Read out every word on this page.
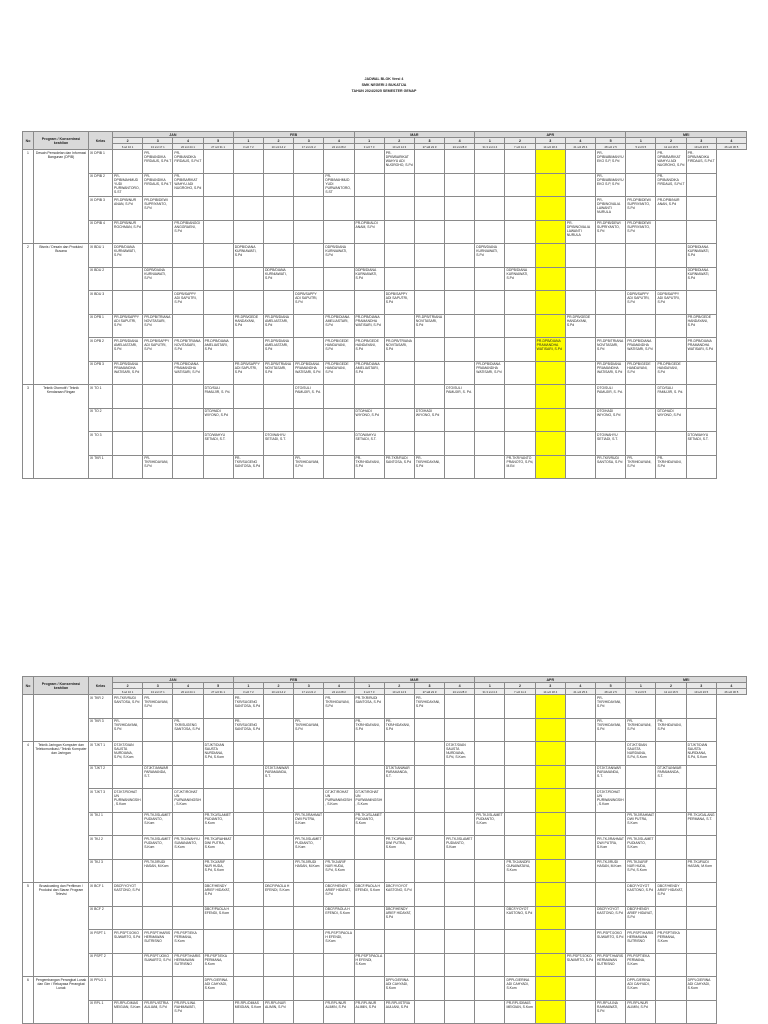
JADWAL BLOK Versi 4
SMK NEGERI 2 BUKATIJA
TAHUN 2024/2025 SEMESTER GENAP
No	Program / Konsentrasi keahlian	Kelas	JAN				FEB				MAR				APR					MEI			
			2	3	4	5	1	2	3	4	1	2	3	4	1	2	3	4	5	1	2	3	4
			6 sd 10 1	13 s/d 17 1	20 s/d 24 1	27 s/d 31 1	3 s/d 7 2	10 s/d 14 2	17 s/d 21 2	24 s/d 28 2	3 s/d 7 3	10 s/d 14 3	17 s/d 21 3	24 s/d 28 3	31 3 s/d 4 4	7 s/d 11 4	14 s/d 18 4	21 s/d 25 4	28 s/d 2 5	5 s/d 9 5	12 s/d 16 5	19 s/d 23 5	26 s/d 30 5
1	Desain Pemodelan dan Informasi Bangunan (DPIB)	XI DPIB 1		PR-DPIB/ANDIKA FIRDAUS, S.Pd.T	PR-DPIB/ANDIKA FIRDAUS, S.Pd.T							PR-DPIB/BARIKAT WAHYU ADI NUGROHO, S.Pd							PR-DPIB/ABIMANYU EKO S.P, S.Pd		PR-DPIB/BARIKAT WAHYU ADI NUGROHO, S.Pd	PR-DPIB/ANDIKA FIRDAUS, S.Pd.T	
		XI DPIB 2	PR-DPIB/MAHMUD YUDI PURWANTORO, S.ST	PR-DPIB/ANDIKA FIRDAUS, S.Pd.T	PR-DPIB/BARIKAT WAHYU ADI NUGROHO, S.Pd					PR-DPIB/MAHMUD YUDI PURWANTORO, S.ST									PR-DPIB/ABIMANYU EKO S.P, S.Pd		PR-DPIB/ANDIKA FIRDAUS, S.Pd.T		
		XI DPIB 3	PR-DPIB/NUR ANAN, S.Pd	PR-DPIB/DEWI SUPRIYANTO, S.Pd															PR-DPIB/NOVALIA LAWANTI NURULA	PR-DPIB/DEWI SUPRIYANTO, S.Pd	PR-DPIB/NUR ANAN, S.Pd		
		XI DPIB 4	PR-DPIB/NUR ROCHMAN, S.Pd		PR-DPIB/ANGGI ANGGRAENI, S.Pd						PR-DPIB/ALDI ANAM, S.Pd							PR-DPIB/NOVALIA LAWANTI NURULA	PR-DPIB/DEWI SUPRIYANTO, S.Pd	PR-DPIB/DEWI SUPRIYANTO, S.Pd			
2	Bisnis / Desain dan Produksi Busana	XI BDU 1	DDPB/DIANA KURNIAWATI, S.Pd				DDPB/DIANA KURNIAWATI, S.Pd			DDPB/DIANA KURNIAWATI, S.Pd					DDPB/DIANA KURNIAWATI, S.Pd							DDPB/DIANA KURNIAWATI, S.Pd	
		XI BDU 2		DDPB/DIANA KURNIAWATI, S.Pd				DDPB/DIANA KURNIAWATI, S.Pd			DDPB/DIANA KURNIAWATI, S.Pd					DDPB/DIANA KURNIAWATI, S.Pd						DDPB/DIANA KURNIAWATI, S.Pd	
		XI BDU 3			DDPB/SAPPY ADI SAPUTRI, S.Pd				DDPB/SAPPY ADI SAPUTRI, S.Pd			DDPB/SAPPY ADI SAPUTRI, S.Pd								DDPB/SAPPY ADI SAPUTRI, S.Pd	DDPB/SAPPY ADI SAPUTRI, S.Pd		
		XI DPB 1	PR-DPB/SAPPY ADI SAPUTRI, S.Pd	PR-DPB/TRIANA NOVITASARI, S.Pd			PR-DPB/GEDE HANDAYANI, S.Pd	PR-DPB/DIANA AMELIASTARI, S.Pd		PR-DPB/DIANA AMELIASTARI, S.Pd	PR-DPB/DIANA PRAMANDHA WATISARI, S.Pd		PR-DPB/TRIANA NOVITASARI, S.Pd					PR-DPB/GEDE HANDAYANI, S.Pd				PR-DPB/GEDE HANDAYANI, S.Pd	
		XI DPB 2	PR-DPB/DIANA AMELIASTARI, S.Pd	PR-DPB/SAPPY ADI SAPUTRI, S.Pd	PR-DPB/TRIANA NOVITASARI, S.Pd	PR-DPB/DIANA AMELIASTARI, S.Pd		PR-DPB/DIANA AMELIASTARI, S.Pd		PR-DPB/GEDE HANDAYANI, S.Pd	PR-DPB/GEDE HANDAYANI, S.Pd	PR-DPB/TRIANA NOVITASARI, S.Pd					PR-DPB/DIANA PRAMANDHA WATISARI, S.Pd		PR-DPB/TRIANA NOVITASARI, S.Pd	PR-DPB/DIANA PRAMANDHA WATISARI, S.Pd		PR-DPB/DIANA PRAMANDHA WATISARI, S.Pd	
		XI DPB 3	PR-DPB/DIANA PRAMANDHA WATISARI, S.Pd		PR-DPB/DIANA PRAMANDHA WATISARI, S.Pd		PR-DPB/SAPPY ADI SAPUTRI, S.Pd	PR-DPB/TRIANA NOVITASARI, S.Pd	PR-DPB/DIANA PRAMANDHA WATISARI, S.Pd	PR-DPB/GEDE HANDAYANI, S.Pd	PR-DPB/DIANA AMELIASTARI, S.Pd				PR-DPB/DIANA PRAMANDHA WATISARI, S.Pd				PR-DPB/DIANA PRAMANDHA WATISARI, S.Pd	PR-DPB/GEDE HANDAYANI, S.Pd	PR-DPB/GEDE HANDAYANI, S.Pd		
3	Teknik Otomotif / Teknik Kendaraan Ringan	XI TO 1				DTO/SULI PAMUJIR, S. Pd.			DTO/SULI PAMUJIR, S. Pd.					DTO/SULI PAMUJIR, S. Pd.					DTO/SULI PAMUJIR, S. Pd.		DTO/SULI PAMUJIR, S. Pd.		
		XI TO 2				DTO/HADI WIYONO, S.Pd					DTO/HADI WIYONO, S.Pd		DTO/HADI WIYONO, S.Pd						DTO/HADI WIYONO, S.Pd		DTO/HADI WIYONO, S.Pd		
		XI TO 3				DTO/WAHYU SETIADI, S.T.		DTO/WAHYU SETIADI, S.T.			DTO/WAHYU SETIADI, S.T.								DTO/WAHYU SETIADI, S.T.			DTO/WAHYU SETIADI, S.T.	
		XI TKR 1		PR-TKR/HIDAYANI, S.Pd			PR-TKR/SUGENG SANTOSA, S.Pd		PR-TKR/HIDAYANI, S.Pd		PR-TKR/HIDAYANI, S.Pd	PR-TKR/RUDI SANTOSA, S.Pd	PR-TKR/HIDAYANI, S.Pd			PR-TKR/YANTO PRANOTO, S.Pd, M.Ed			PR-TKR/RUDI SANTOSA, S.Pd	PR-TKR/HIDAYANI, S.Pd	PR-TKR/HIDAYANI, S.Pd		
No	Program / Konsentrasi keahlian	Kelas	JAN				FEB				MAR				APR					MEI			
			2	3	4	5	1	2	3	4	1	2	3	4	1	2	3	4	5	1	2	3	4
			6 sd 10 1	13 s/d 17 1	20 s/d 24 1	27 s/d 31 1	3 s/d 7 2	10 s/d 14 2	17 s/d 21 2	24 s/d 28 2	3 s/d 7 3	10 s/d 14 3	17 s/d 21 3	24 s/d 28 3	31 3 s/d 4 4	7 s/d 11 4	14 s/d 18 4	21 s/d 25 4	28 s/d 2 5	5 s/d 9 5	12 s/d 16 5	19 s/d 23 5	26 s/d 30 5
		XI TKR 2	PR-TKR/RUDI SANTOSA, S.Pd	PR-TKR/HIDAYANI, S.Pd			PR-TKR/SUGENG SANTOSA, S.Pd			PR-TKR/HIDAYANI, S.Pd	PR-TKR/RUDI SANTOSA, S.Pd		PR-TKR/HIDAYANI, S.Pd						PR-TKR/HIDAYANI, S.Pd				
		XI TKR 3	PR-TKR/HIDAYANI, S.Pd		PR-TKR/SUGENG SANTOSA, S.Pd		PR-TKR/SUGENG SANTOSA, S.Pd		PR-TKR/HIDAYANI, S.Pd		PR-TKR/HIDAYANI, S.Pd	PR-TKR/HIDAYANI, S.Pd							PR-TKR/HIDAYANI, S.Pd	PR-TKR/HIDAYANI, S.Pd	PR-TKR/HIDAYANI, S.Pd		
4	Teknik Jaringan Komputer dan Telekomunikasi / Teknik Komputer dan Jaringan	XI TJKT 1	DTJKT/DIAN SAUSTA NURDIANA, S.Pd, S.Kom			DTJKT/DIAN SAUSTA NURDIANA, S.Pd, S.Kom								DTJKT/DIAN SAUSTA NURDIANA, S.Pd, S.Kom						DTJKT/DIAN SAUSTA NURDIANA, S.Pd, S.Kom		DTJKT/DIAN SAUSTA NURDIANA, S.Pd, S.Kom	
		XI TJKT 2		DTJKT/ANWAR PARAMANDA, S.T.				DTJKT/ANWAR PARAMANDA, S.T.				DTJKT/ANWAR PARAMANDA, S.T.							DTJKT/ANWAR PARAMANDA, S.T.		DTJKT/ANWAR PARAMANDA, S.T.		
		XI TJKT 3	DTJKT/ROHAT UN PURWANINGSIH, S.Kom		DTJKT/ROHAT UN PURWANINGSIH, S.Kom					DTJKT/ROHAT UN PURWANINGSIH, S.Kom	DTJKT/ROHAT UN PURWANINGSIH, S.Kom								DTJKT/ROHAT UN PURWANINGSIH, S.Kom				
		XI TKJ 1		PR-TKJ/SLAMET PUDIANTO, S.Kom		PR-TKJ/SLAMET PUDIANTO, S.Kom			PR-TKJ/RAHMAT DWI PUTRA, S.Kom		PR-TKJ/SLAMET PUDIANTO, S.Kom				PR-TKJ/SLAMET PUDIANTO, S.Kom					PR-TKJ/RAHMAT DWI PUTRA, S.Kom		PR-TKJ/GALANG PERMANA, S.T.	
		XI TKJ 2		PR-TKJ/SLAMET PUDIANTO, S.Kom	PR-TKJ/WAHYU SUMANANTO, S.Kom	PR-TKJ/RAHMAT DWI PUTRA, S.Kom			PR-TKJ/SLAMET PUDIANTO, S.Kom			PR-TKJ/RAHMAT DWI PUTRA, S.Kom		PR-TKJ/SLAMET PUDIANTO, S.Kom					PR-TKJ/RAHMAT DWI PUTRA, S.Kom	PR-TKJ/SLAMET PUDIANTO, S.Kom			
		XI TKJ 3		PR-TKJ/RUDI HASAN, M.Kom		PR-TKJ/ARIF NUR HUDA, S.Pd, S.Kom			PR-TKJ/RUDI HASAN, M.Kom	PR-TKJ/ARIF NUR HUDA, S.Pd, S.Kom						PR-TKJ/ANDRI GUNAWATAYA, S.Kom			PR-TKJ/RUDI HASAN, M.Kom	PR-TKJ/ARIF NUR HUDA, S.Pd, S.Kom		PR-TKJ/RUDI HASAN, M.Kom	
5	Broadcasting dan Perfilman / Produksi dan Siaran Program Televisi	XI BCF 1	DBCF/YOYOT KASTONO, S.Pd			DBCF/HENDY ARIEF HIDAYAT, S.Pd		DBCF/PAOLA H EFENDI, S.Kom		DBCF/HENDY ARIEF HIDAYAT, S.Pd	DBCF/PAOLA H EFENDI, S.Kom	DBCF/YOYOT KASTONO, S.Pd								DBCF/YOYOT KASTONO, S.Pd	DBCF/HENDY ARIEF HIDAYAT, S.Pd		
		XI BCF 2				DBCF/PAOLA H EFENDI, S.Kom				DBCF/PAOLA H EFENDI, S.Kom		DBCF/HENDY ARIEF HIDAYAT, S.Pd				DBCF/YOYOT KASTONO, S.Pd			DBCF/YOYOT KASTONO, S.Pd	DBCF/HENDY ARIEF HIDAYAT, S.Pd			
		XI PSPT 1	PR-PSPT/JOKO SUWARTO, S.Pd	PR-PSPT/HARIS HERMAWAN SUTRISNO	PR-PSPT/EKA PERMANA, S.Kom					PR-PSPT/PAOLA H EFENDI, S.Kom									PR-PSPT/JOKO SUWARTO, S.Pd	PR-PSPT/HARIS HERMAWAN SUTRISNO	PR-PSPT/EKA PERMANA, S.Kom		
		XI PSPT 2		PR-PSPT/JOKO SUWARTO, S.Pd	PR-PSPT/HARIS HERMAWAN SUTRISNO	PR-PSPT/EKA PERMANA, S.Kom					PR-PSPT/PAOLA H EFENDI, S.Kom							PR-PSPT/JOKO SUWARTO, S.Pd	PR-PSPT/HARIS HERMAWAN SUTRISNO	PR-PSPT/EKA PERMANA, S.Kom			
6	Pengembangan Perangkat Lunak dan Gim / Rekayasa Perangkat Lunak	XI PPLG 1				DPPLG/ERINA ADI CAHYADI, S.Kom						DPPLG/ERINA ADI CAHYADI, S.Kom				DPPLG/ERINA ADI CAHYADI, S.Kom				DPPLG/ERINA ADI CAHYADI, S.Kom		DPPLG/ERINA ADI CAHYADI, S.Kom	
		XI RPL 1	PR-RPL/DIMAS MEIGIAN, S.Kom	PR-RPL/ISTRIA AULIANI, S.Pd	PR-RPL/LINA RAHMAWATI, S.Pd		PR-RPL/DIMAS MEIGIAN, S.Kom	PR-RPL/NUR ALIMIN, S.Pd		PR-RPL/NUR ALIMIN, S.Pd	PR-RPL/NUR ALIMIN, S.Pd	PR-RPL/ISTRIA AULIANI, S.Pd				PR-RPL/DIMAS MEIGIAN, S.Kom			PR-RPL/LINA RAHMAWATI, S.Pd	PR-RPL/NUR ALIMIN, S.Pd			
